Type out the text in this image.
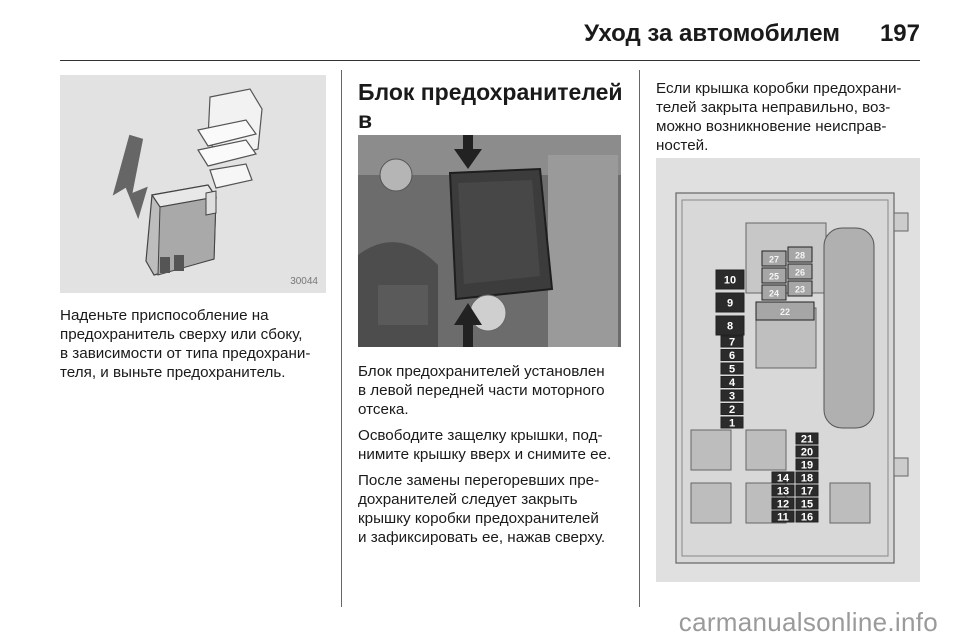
Уход за автомобилем 197
30044
Наденьте приспособление на
предохранитель сверху или сбоку,
в зависимости от типа предохрани-
теля, и выньте предохранитель.
Блок предохранителей в

Блок предохранителей установлен
в левой передней части моторного
отсека.

Освободите защелку крышки, под-
нимите крышку вверх и снимите ее.

После замены перегоревших пре-
дохранителей следует закрыть
крышку коробки предохранителей
и зафиксировать ее, нажав сверху.

Если крышка коробки предохрани-
телей закрыта неправильно, воз-
можно возникновение неисправ-
ностей.
10
9
8
7
6
5
4
3
2
1
21
20
19
14 18
13 17
12 15
11 16
27 28
25 26
24 23
22
carmanualsonline.info
